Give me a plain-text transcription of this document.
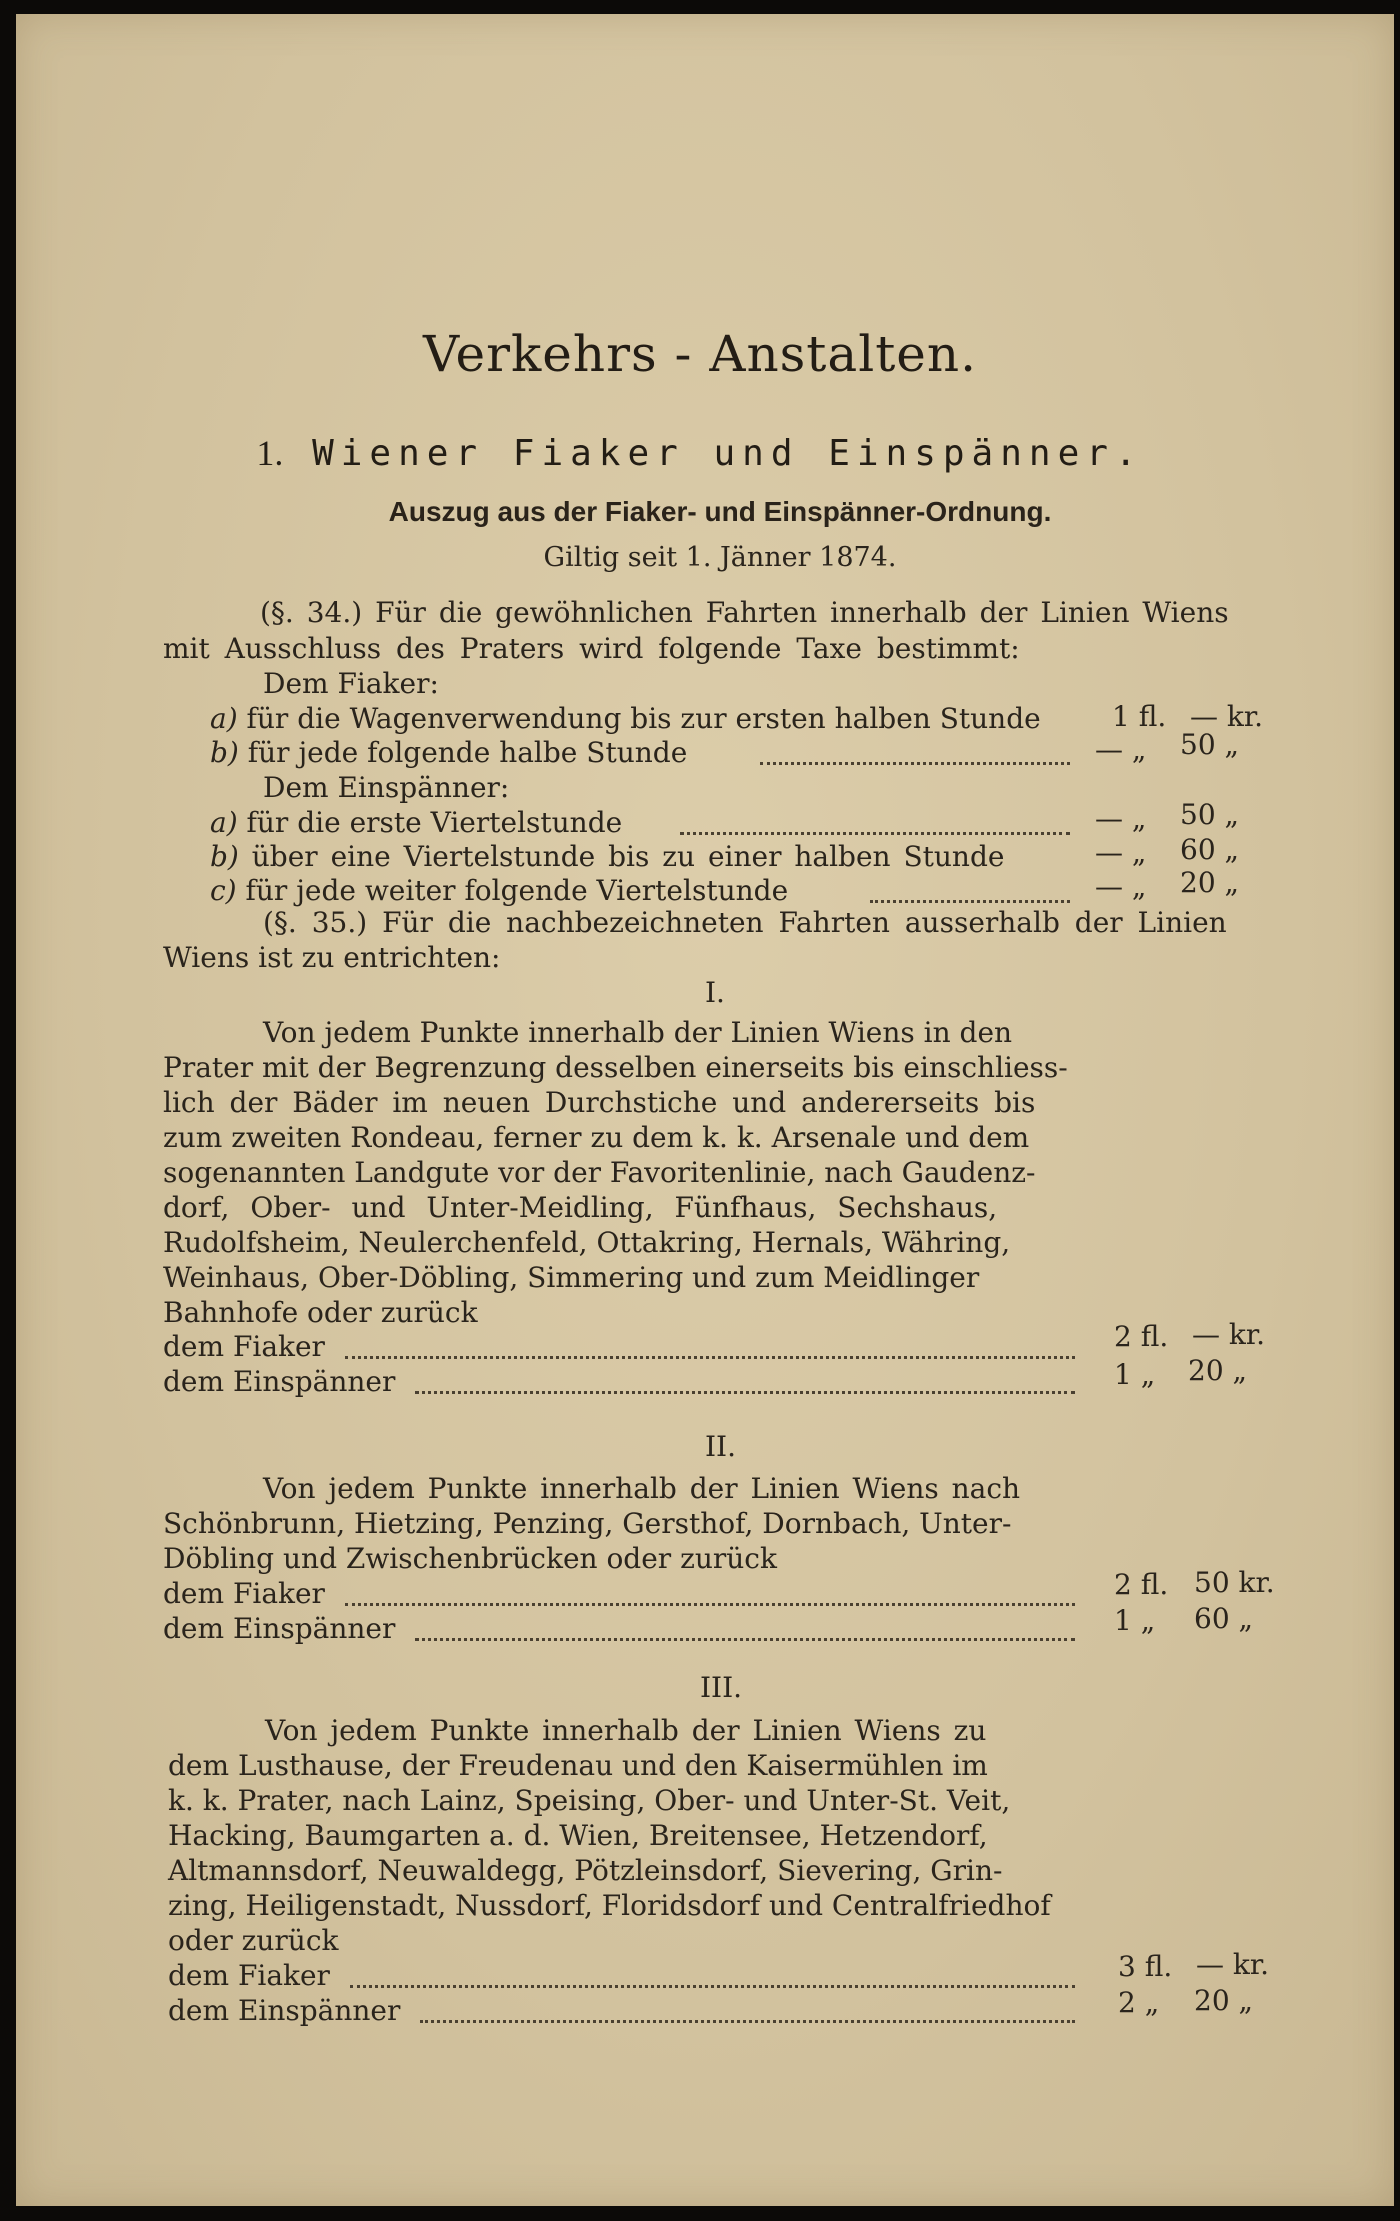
Verkehrs - Anstalten.
1. Wiener Fiaker und Einspänner.
Auszug aus der Fiaker- und Einspänner-Ordnung.
Giltig seit 1. Jänner 1874.
(§. 34.) Für die gewöhnlichen Fahrten innerhalb der Linien Wiens
mit Ausschluss des Praters wird folgende Taxe bestimmt:
Dem Fiaker:
a) für die Wagenverwendung bis zur ersten halben Stunde	1 fl. — kr.
b) für jede folgende halbe Stunde	— „ 50 „
Dem Einspänner:
a) für die erste Viertelstunde	— „ 50 „
b) über eine Viertelstunde bis zu einer halben Stunde	— „ 60 „
c) für jede weiter folgende Viertelstunde	— „ 20 „
(§. 35.) Für die nachbezeichneten Fahrten ausserhalb der Linien
Wiens ist zu entrichten:
I.
Von jedem Punkte innerhalb der Linien Wiens in den
Prater mit der Begrenzung desselben einerseits bis einschliess-
lich der Bäder im neuen Durchstiche und andererseits bis
zum zweiten Rondeau, ferner zu dem k. k. Arsenale und dem
sogenannten Landgute vor der Favoritenlinie, nach Gaudenz-
dorf, Ober- und Unter-Meidling, Fünfhaus, Sechshaus,
Rudolfsheim, Neulerchenfeld, Ottakring, Hernals, Währing,
Weinhaus, Ober-Döbling, Simmering und zum Meidlinger
Bahnhofe oder zurück
dem Fiaker	2 fl. — kr.
dem Einspänner	1 „ 20 „
II.
Von jedem Punkte innerhalb der Linien Wiens nach
Schönbrunn, Hietzing, Penzing, Gersthof, Dornbach, Unter-
Döbling und Zwischenbrücken oder zurück
dem Fiaker	2 fl. 50 kr.
dem Einspänner	1 „ 60 „
III.
Von jedem Punkte innerhalb der Linien Wiens zu
dem Lusthause, der Freudenau und den Kaisermühlen im
k. k. Prater, nach Lainz, Speising, Ober- und Unter-St. Veit,
Hacking, Baumgarten a. d. Wien, Breitensee, Hetzendorf,
Altmannsdorf, Neuwaldegg, Pötzleinsdorf, Sievering, Grin-
zing, Heiligenstadt, Nussdorf, Floridsdorf und Centralfriedhof
oder zurück
dem Fiaker	3 fl. — kr.
dem Einspänner	2 „ 20 „
